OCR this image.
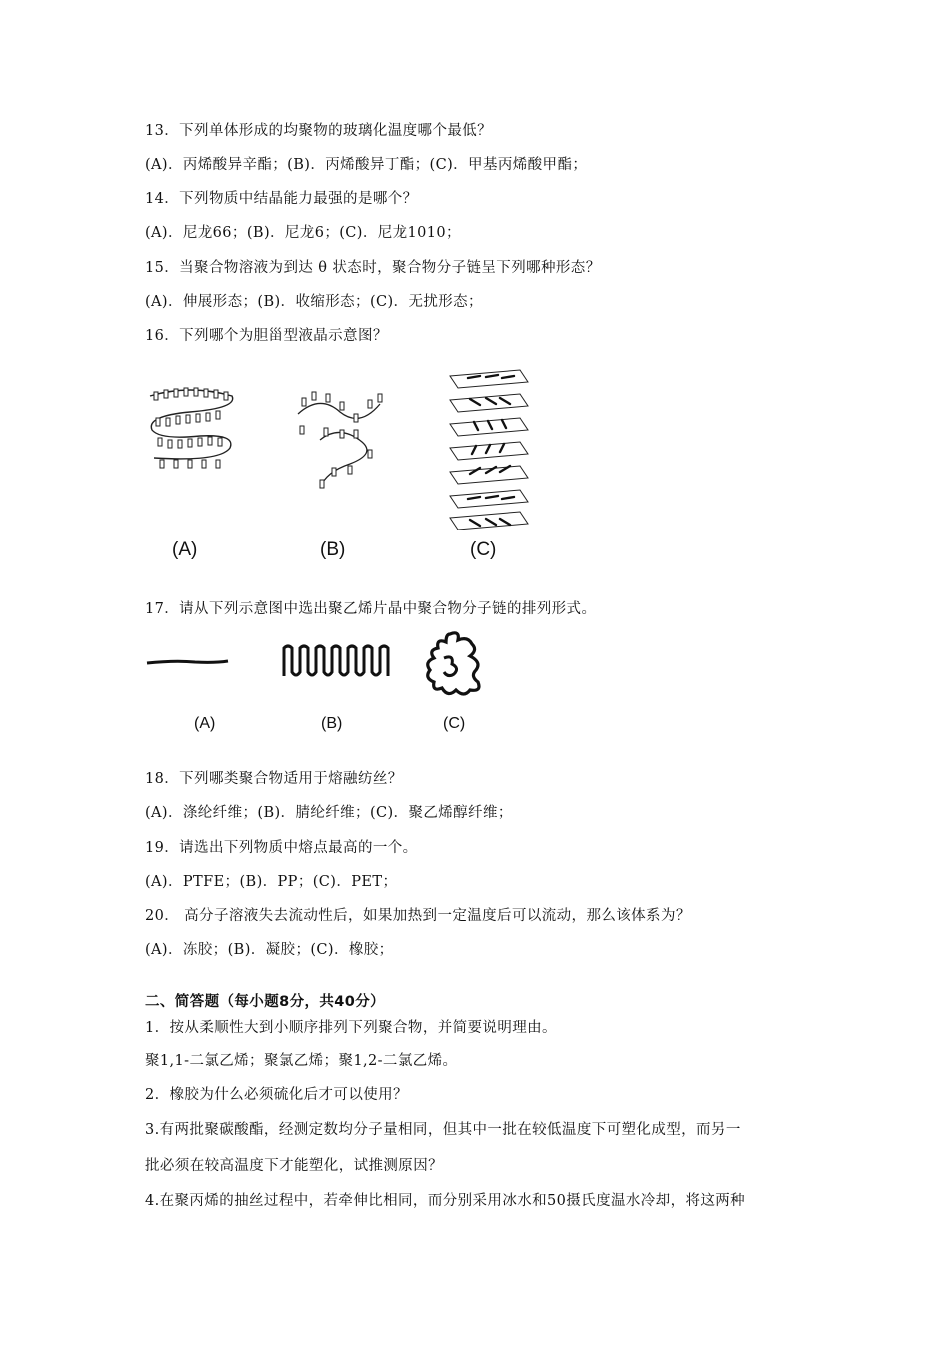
13．下列单体形成的均聚物的玻璃化温度哪个最低？
(A)．丙烯酸异辛酯；(B)．丙烯酸异丁酯；(C)．甲基丙烯酸甲酯；
14．下列物质中结晶能力最强的是哪个？
(A)．尼龙66；(B)．尼龙6；(C)．尼龙1010；
15．当聚合物溶液为到达 θ 状态时，聚合物分子链呈下列哪种形态？
(A)．伸展形态；(B)．收缩形态；(C)．无扰形态；
16．下列哪个为胆甾型液晶示意图？
(A)	(B)	(C)
17．请从下列示意图中选出聚乙烯片晶中聚合物分子链的排列形式。
(A)	(B)	(C)
18．下列哪类聚合物适用于熔融纺丝？
(A)．涤纶纤维；(B)．腈纶纤维；(C)．聚乙烯醇纤维；
19．请选出下列物质中熔点最高的一个。
(A)．PTFE；(B)．PP；(C)．PET；
20． 高分子溶液失去流动性后，如果加热到一定温度后可以流动，那么该体系为？
(A)．冻胶；(B)．凝胶；(C)．橡胶；
二、简答题（每小题8分，共40分）
1．按从柔顺性大到小顺序排列下列聚合物，并简要说明理由。
聚1,1-二氯乙烯；聚氯乙烯；聚1,2-二氯乙烯。
2．橡胶为什么必须硫化后才可以使用？
3.有两批聚碳酸酯，经测定数均分子量相同，但其中一批在较低温度下可塑化成型，而另一
批必须在较高温度下才能塑化，试推测原因？
4.在聚丙烯的抽丝过程中，若牵伸比相同，而分别采用冰水和50摄氏度温水冷却，将这两种
